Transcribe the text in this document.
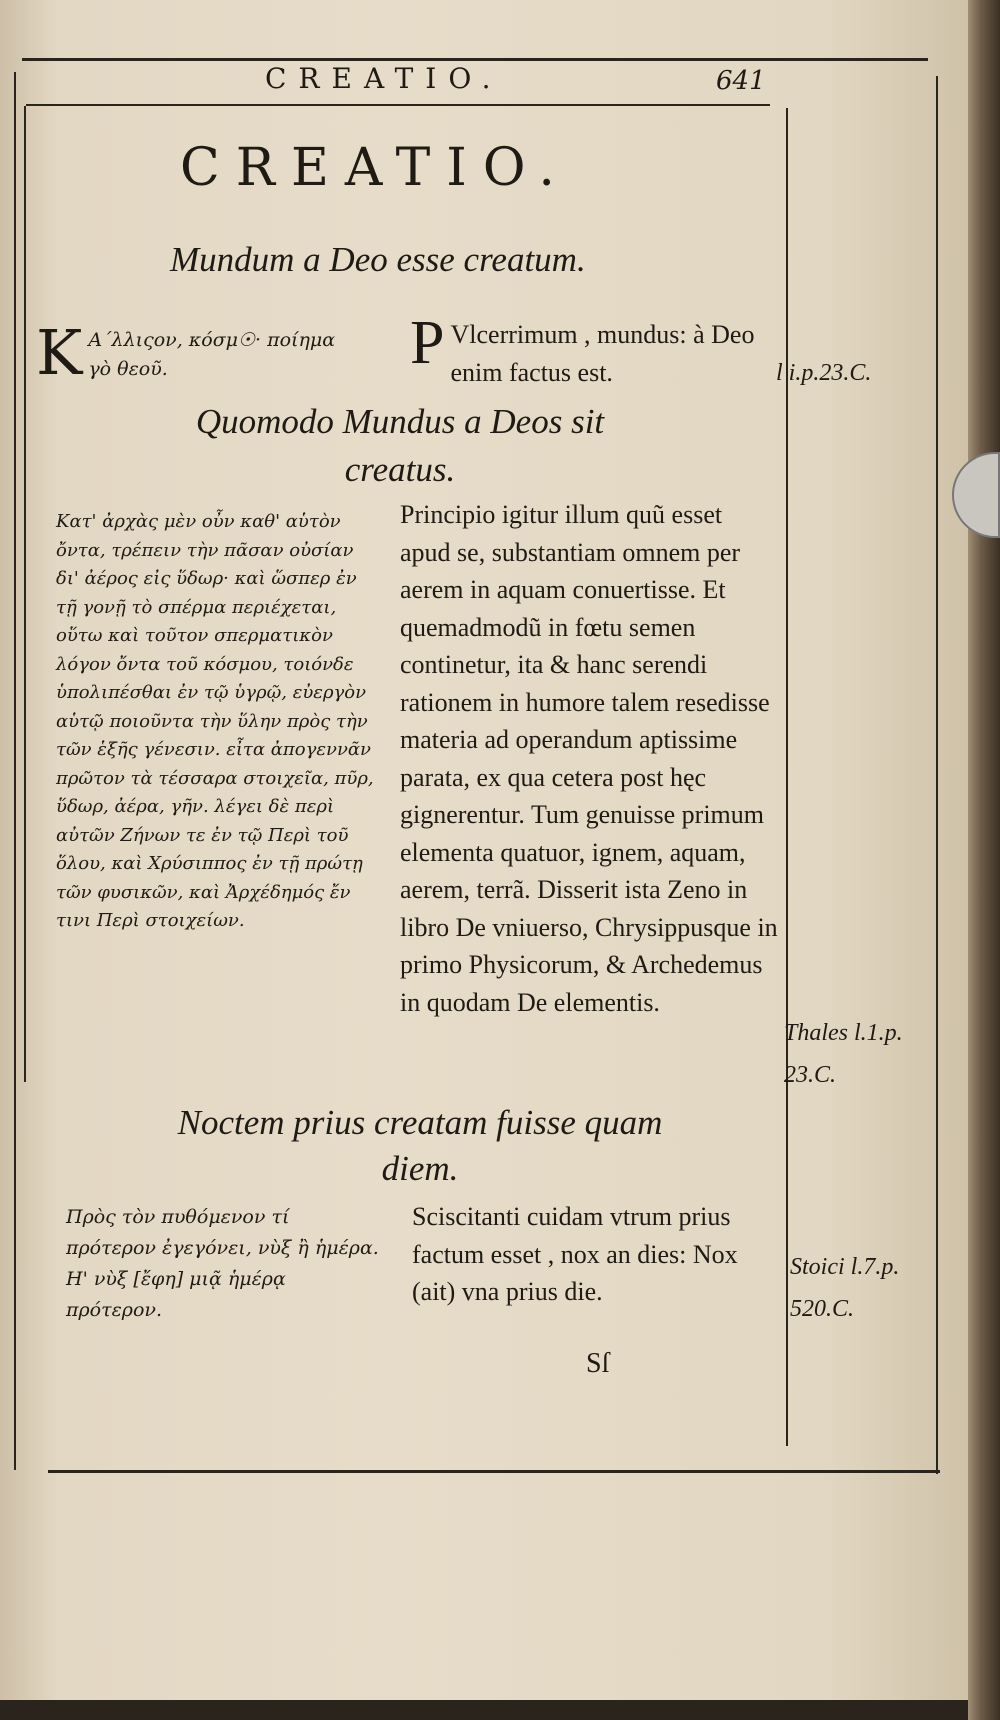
CREATIO.	641
CREATIO.
Mundum a Deo esse creatum.
K Α´λλιςον, κόσμ☉· ποίημα γὸ θεοῦ.	P Vlcerrimum , mundus: à Deo enim factus est.	l i.p.23.C.
Quomodo Mundus a Deos sit creatus.
Κατ' ἀρχὰς μὲν οὖν καθ' αὑτὸν ὄντα, τρέπειν τὴν πᾶσαν οὐσίαν δι' ἀέρος εἰς ὕδωρ· καὶ ὥσπερ ἐν τῇ γονῇ τὸ σπέρμα περιέχεται, οὕτω καὶ τοῦτον σπερματικὸν λόγον ὄντα τοῦ κόσμου, τοιόνδε ὑπολιπέσθαι ἐν τῷ ὑγρῷ, εὐεργὸν αὑτῷ ποιοῦντα τὴν ὕλην πρὸς τὴν τῶν ἑξῆς γένεσιν. εἶτα ἀπογεννᾶν πρῶτον τὰ τέσσαρα στοιχεῖα, πῦρ, ὕδωρ, ἀέρα, γῆν. λέγει δὲ περὶ αὐτῶν Ζήνων τε ἐν τῷ Περὶ τοῦ ὅλου, καὶ Χρύσιππος ἐν τῇ πρώτῃ τῶν φυσικῶν, καὶ Ἀρχέδημός ἔν τινι Περὶ στοιχείων.
Principio igitur illum quũ esset apud se, substantiam omnem per aerem in aquam conuertisse. Et quemadmodũ in fœtu semen continetur, ita & hanc serendi rationem in humore talem resedisse materia ad operandum aptissime parata, ex qua cetera post hęc gignerentur. Tum genuisse primum elementa quatuor, ignem, aquam, aerem, terrã. Disserit ista Zeno in libro De vniuerso, Chrysippusque in primo Physicorum, & Archedemus in quodam De elementis.
Thales l.1.p. 23.C.
Noctem prius creatam fuisse quam diem.
Πρὸς τὸν πυθόμενον τί πρότερον ἐγεγόνει, νὺξ ἢ ἡμέρα. Η' νὺξ [ἔφη] μιᾷ ἡμέρᾳ πρότερον.
Sciscitanti cuidam vtrum prius factum esset , nox an dies: Nox (ait) vna prius die.
Stoici l.7.p. 520.C.
Sſ
